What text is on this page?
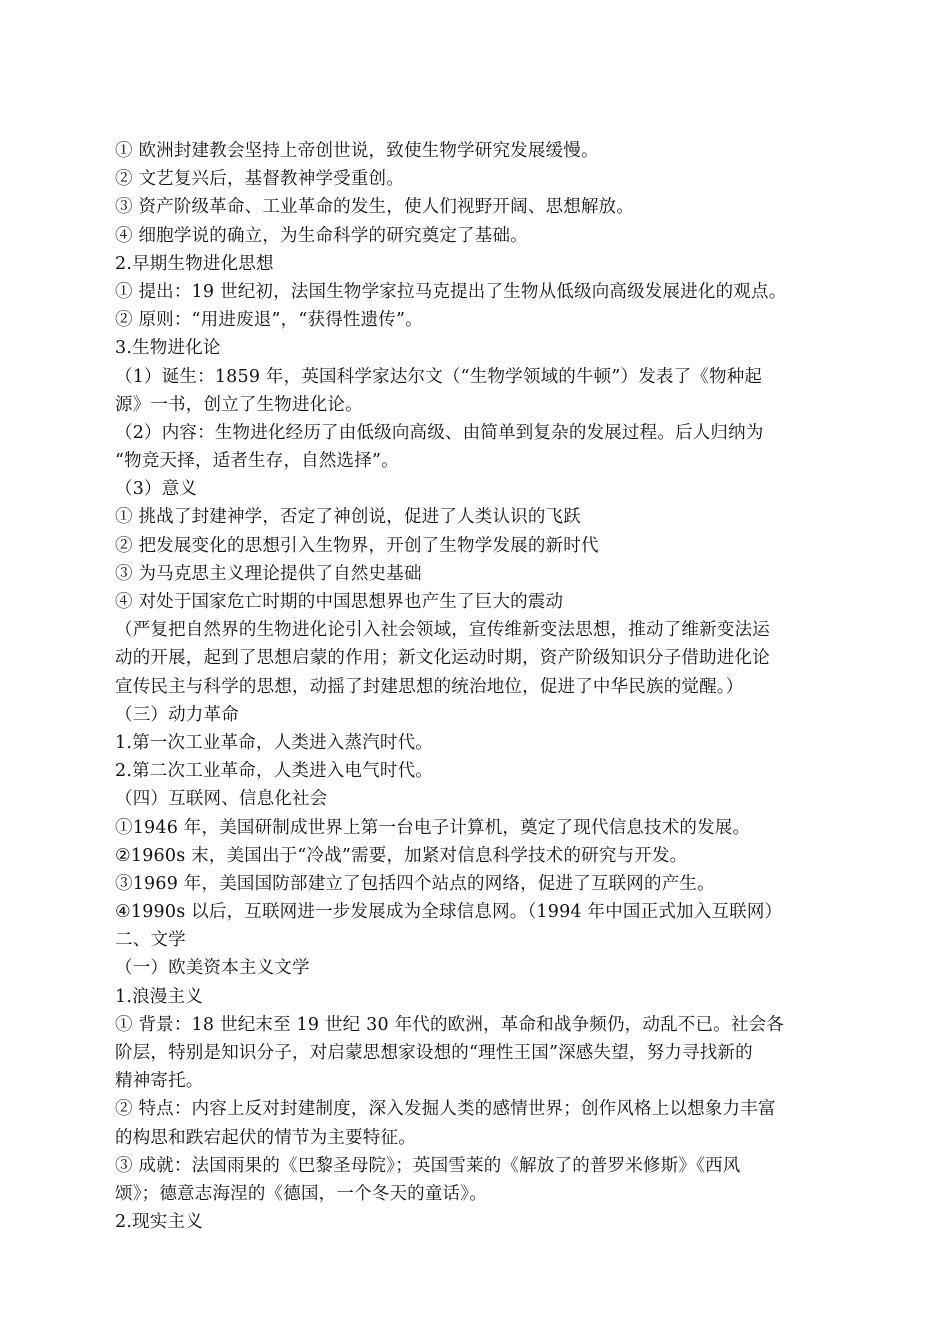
① 欧洲封建教会坚持上帝创世说，致使生物学研究发展缓慢。
② 文艺复兴后，基督教神学受重创。
③ 资产阶级革命、工业革命的发生，使人们视野开阔、思想解放。
④ 细胞学说的确立，为生命科学的研究奠定了基础。
2.早期生物进化思想
① 提出：19 世纪初，法国生物学家拉马克提出了生物从低级向高级发展进化的观点。
② 原则：“用进废退”，“获得性遗传”。
3.生物进化论
（1）诞生：1859 年，英国科学家达尔文（“生物学领域的牛顿”）发表了《物种起
源》一书，创立了生物进化论。
（2）内容：生物进化经历了由低级向高级、由简单到复杂的发展过程。后人归纳为
“物竞天择，适者生存，自然选择”。
（3）意义
① 挑战了封建神学，否定了神创说，促进了人类认识的飞跃
② 把发展变化的思想引入生物界，开创了生物学发展的新时代
③ 为马克思主义理论提供了自然史基础
④ 对处于国家危亡时期的中国思想界也产生了巨大的震动
（严复把自然界的生物进化论引入社会领域，宣传维新变法思想，推动了维新变法运
动的开展，起到了思想启蒙的作用；新文化运动时期，资产阶级知识分子借助进化论
宣传民主与科学的思想，动摇了封建思想的统治地位，促进了中华民族的觉醒。）
（三）动力革命
1.第一次工业革命，人类进入蒸汽时代。
2.第二次工业革命，人类进入电气时代。
（四）互联网、信息化社会
①1946 年，美国研制成世界上第一台电子计算机，奠定了现代信息技术的发展。
②1960s 末，美国出于“冷战”需要，加紧对信息科学技术的研究与开发。
③1969 年，美国国防部建立了包括四个站点的网络，促进了互联网的产生。
④1990s 以后，互联网进一步发展成为全球信息网。（1994 年中国正式加入互联网）
二、文学
（一）欧美资本主义文学
1.浪漫主义
① 背景：18 世纪末至 19 世纪 30 年代的欧洲，革命和战争频仍，动乱不已。社会各
阶层，特别是知识分子，对启蒙思想家设想的“理性王国”深感失望，努力寻找新的
精神寄托。
② 特点：内容上反对封建制度，深入发掘人类的感情世界；创作风格上以想象力丰富
的构思和跌宕起伏的情节为主要特征。
③ 成就：法国雨果的《巴黎圣母院》；英国雪莱的《解放了的普罗米修斯》《西风
颂》；德意志海涅的《德国，一个冬天的童话》。
2.现实主义
